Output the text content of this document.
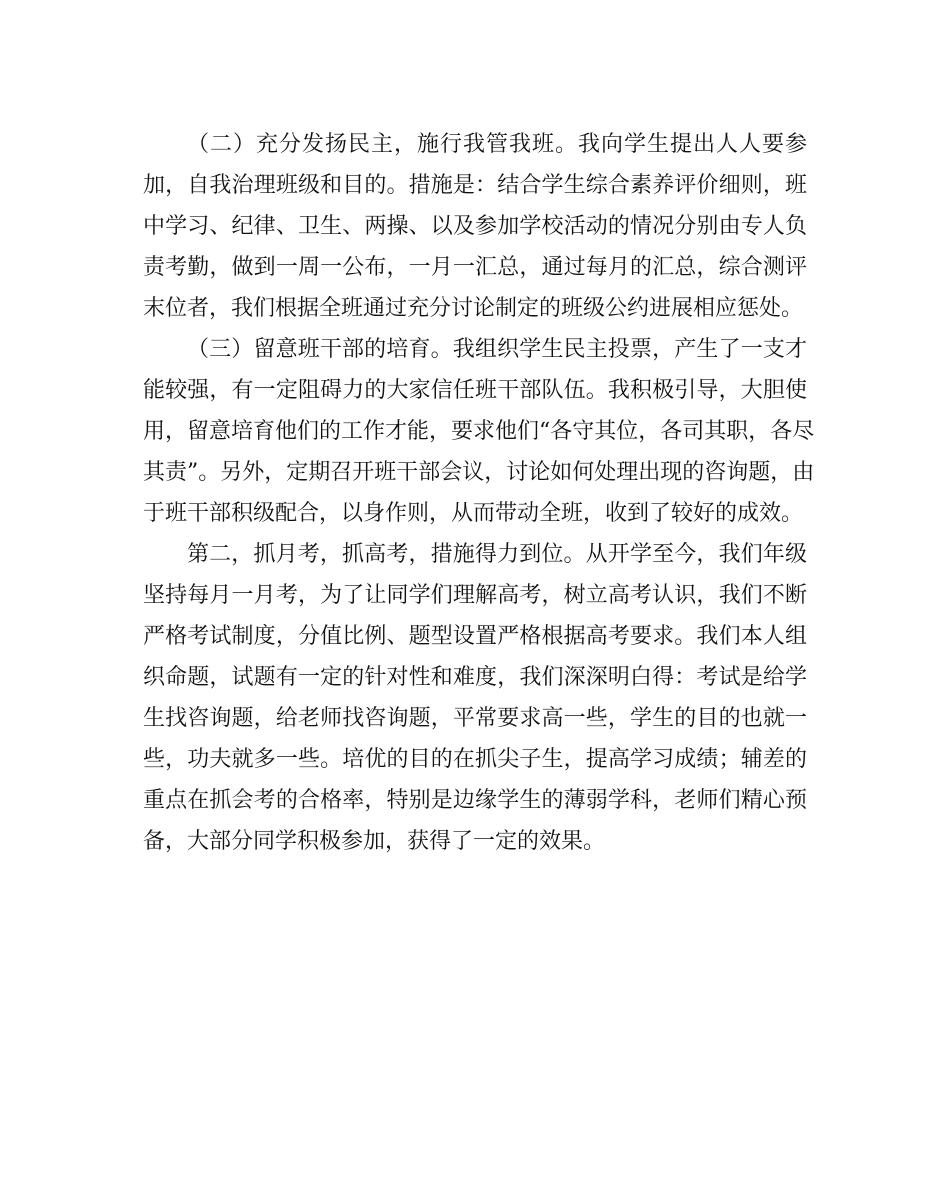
（二）充分发扬民主，施行我管我班。我向学生提出人人要参
加，自我治理班级和目的。措施是：结合学生综合素养评价细则，班
中学习、纪律、卫生、两操、以及参加学校活动的情况分别由专人负
责考勤，做到一周一公布，一月一汇总，通过每月的汇总，综合测评
末位者，我们根据全班通过充分讨论制定的班级公约进展相应惩处。
（三）留意班干部的培育。我组织学生民主投票，产生了一支才
能较强，有一定阻碍力的大家信任班干部队伍。我积极引导，大胆使
用，留意培育他们的工作才能，要求他们“各守其位，各司其职，各尽
其责”。另外，定期召开班干部会议，讨论如何处理出现的咨询题，由
于班干部积级配合，以身作则，从而带动全班，收到了较好的成效。
第二，抓月考，抓高考，措施得力到位。从开学至今，我们年级
坚持每月一月考，为了让同学们理解高考，树立高考认识，我们不断
严格考试制度，分值比例、题型设置严格根据高考要求。我们本人组
织命题，试题有一定的针对性和难度，我们深深明白得：考试是给学
生找咨询题，给老师找咨询题，平常要求高一些，学生的目的也就一
些，功夫就多一些。培优的目的在抓尖子生，提高学习成绩；辅差的
重点在抓会考的合格率，特别是边缘学生的薄弱学科，老师们精心预
备，大部分同学积极参加，获得了一定的效果。
